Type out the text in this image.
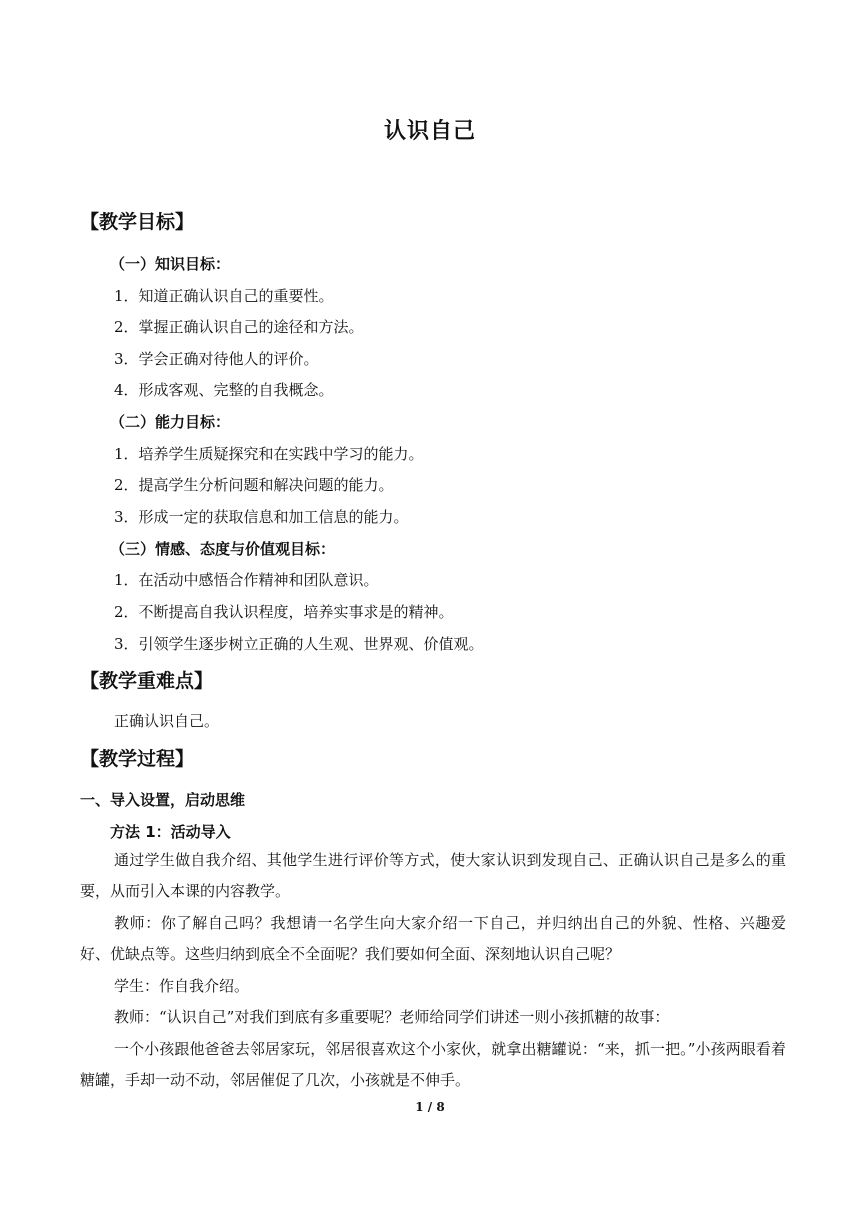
认识自己
【教学目标】
（一）知识目标：
1．知道正确认识自己的重要性。
2．掌握正确认识自己的途径和方法。
3．学会正确对待他人的评价。
4．形成客观、完整的自我概念。
（二）能力目标：
1．培养学生质疑探究和在实践中学习的能力。
2．提高学生分析问题和解决问题的能力。
3．形成一定的获取信息和加工信息的能力。
（三）情感、态度与价值观目标：
1．在活动中感悟合作精神和团队意识。
2．不断提高自我认识程度，培养实事求是的精神。
3．引领学生逐步树立正确的人生观、世界观、价值观。
【教学重难点】
正确认识自己。
【教学过程】
一、导入设置，启动思维
方法 1：活动导入
通过学生做自我介绍、其他学生进行评价等方式，使大家认识到发现自己、正确认识自己是多么的重要，从而引入本课的内容教学。
教师：你了解自己吗？我想请一名学生向大家介绍一下自己，并归纳出自己的外貌、性格、兴趣爱好、优缺点等。这些归纳到底全不全面呢？我们要如何全面、深刻地认识自己呢？
学生：作自我介绍。
教师：“认识自己”对我们到底有多重要呢？老师给同学们讲述一则小孩抓糖的故事：
一个小孩跟他爸爸去邻居家玩，邻居很喜欢这个小家伙，就拿出糖罐说：“来，抓一把。”小孩两眼看着糖罐，手却一动不动，邻居催促了几次，小孩就是不伸手。
1 / 8
